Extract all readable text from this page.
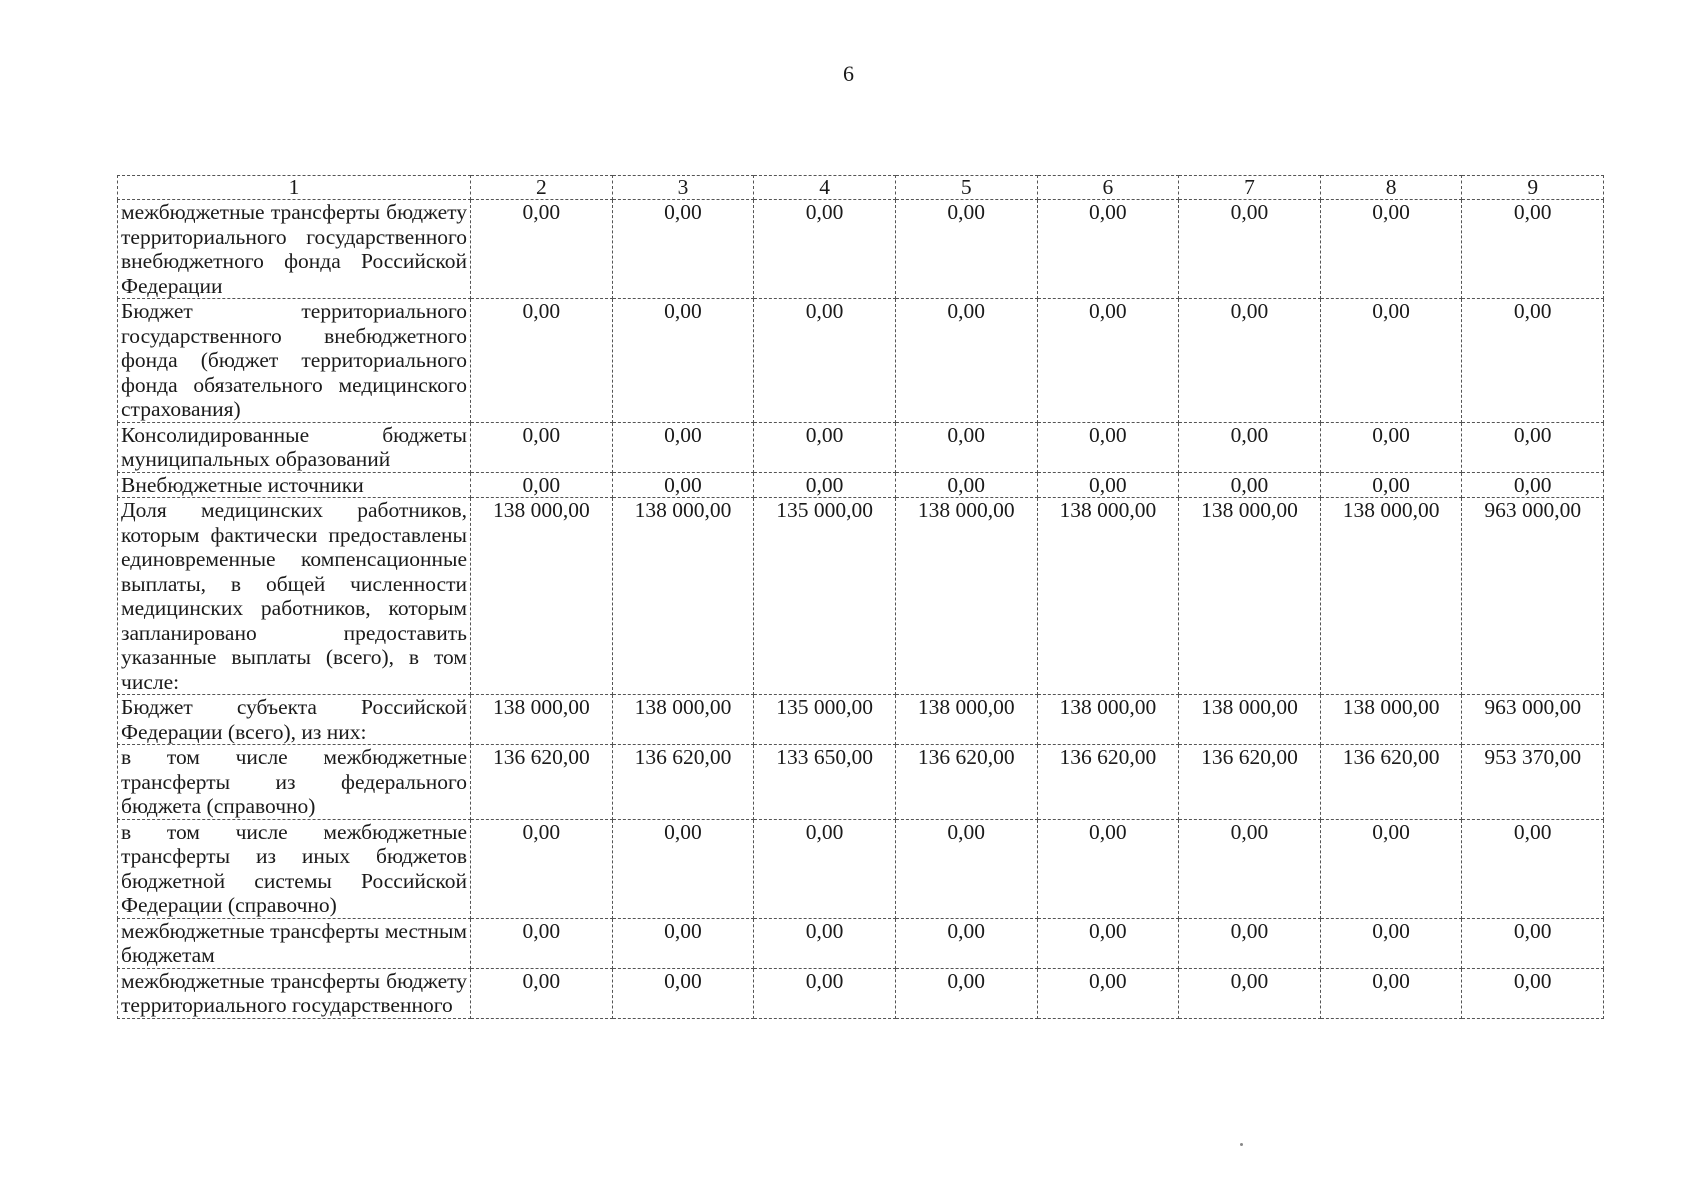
6
1	2	3	4	5	6	7	8	9
межбюджетные трансферты бюджету территориального государственного внебюджетного фонда Российской Федерации	0,00	0,00	0,00	0,00	0,00	0,00	0,00	0,00
Бюджет территориального государственного внебюджетного фонда (бюджет территориального фонда обязательного медицинского страхования)	0,00	0,00	0,00	0,00	0,00	0,00	0,00	0,00
Консолидированные бюджеты муниципальных образований	0,00	0,00	0,00	0,00	0,00	0,00	0,00	0,00
Внебюджетные источники	0,00	0,00	0,00	0,00	0,00	0,00	0,00	0,00
Доля медицинских работников, которым фактически предоставлены единовременные компенсационные выплаты, в общей численности медицинских работников, которым запланировано предоставить указанные выплаты (всего), в том числе:	138 000,00	138 000,00	135 000,00	138 000,00	138 000,00	138 000,00	138 000,00	963 000,00
Бюджет субъекта Российской Федерации (всего), из них:	138 000,00	138 000,00	135 000,00	138 000,00	138 000,00	138 000,00	138 000,00	963 000,00
в том числе межбюджетные трансферты из федерального бюджета (справочно)	136 620,00	136 620,00	133 650,00	136 620,00	136 620,00	136 620,00	136 620,00	953 370,00
в том числе межбюджетные трансферты из иных бюджетов бюджетной системы Российской Федерации (справочно)	0,00	0,00	0,00	0,00	0,00	0,00	0,00	0,00
межбюджетные трансферты местным бюджетам	0,00	0,00	0,00	0,00	0,00	0,00	0,00	0,00
межбюджетные трансферты бюджету территориального государственного	0,00	0,00	0,00	0,00	0,00	0,00	0,00	0,00
